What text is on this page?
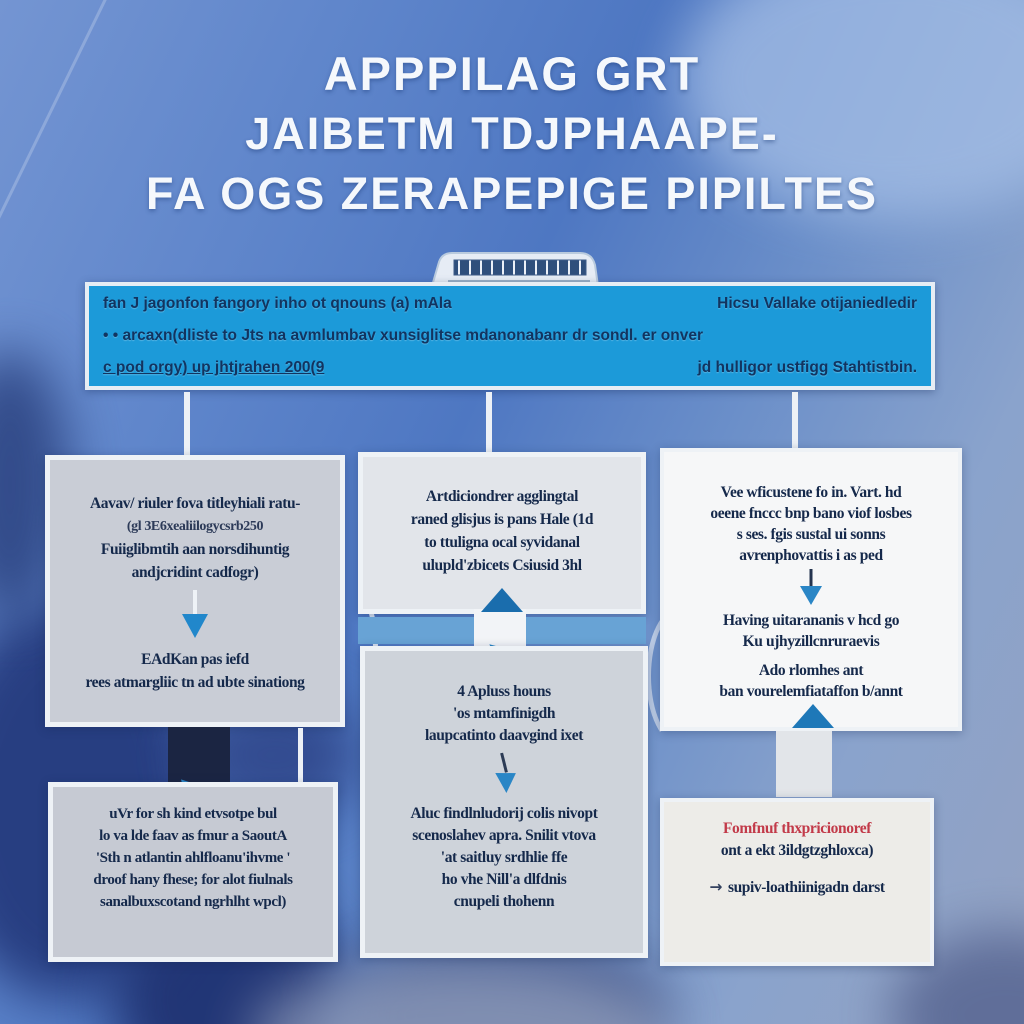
APPPILAG GRT
JAIBETM TDJPHAAPE-
FA OGS ZERAPEPIGE PIPILTES
fan J jagonfon fangory inho ot qnouns (a) mAla	Hicsu Vallake otijaniedledir
• • arcaxn(dliste to Jts na avmlumbav xunsiglitse mdanonabanr dr sondl. er onver
c pod orgy) up jhtjrahen 200(9	jd hulligor ustfigg Stahtistbin.

Aavav/ riuler fova titleyhiali ratu-

(gl 3E6xealiilogycsrb250

Fuiiglibmtih aan norsdihuntig

andjcridint cadfogr)

EAdKan pas iefd

rees atmargliic tn ad ubte sinationg

uVr for sh kind etvsotpe bul

lo va lde faav as fmur a SaoutA

'Sth n atlantin ahlfloanu'ihvme '

droof hany fhese; for alot fiulnals

sanalbuxscotand ngrhlht wpcl)

Artdiciondrer agglingtal

raned glisjus is pans Hale (1d

to ttuligna ocal syvidanal

ulupld'zbicets Csiusid 3hl

4 Apluss houns

'os mtamfinigdh

laupcatinto daavgind ixet

Aluc findlnludorij colis nivopt

scenoslahev apra. Snilit vtova

'at saitluy srdhlie ffe

ho vhe Nill'a dlfdnis

cnupeli thohenn

Vee wficustene fo in. Vart. hd

oeene fnccc bnp bano viof losbes

s ses. fgis sustal ui sonns

avrenphovattis i as ped

Having uitarananis v hcd go

Ku ujhyzillcnruraevis

Ado rlomhes ant

ban vourelemfiataffon b/annt

Fomfnuf thxpricionoref

ont a ekt 3ildgtzghloxca)

→ supiv-loathiinigadn darst
